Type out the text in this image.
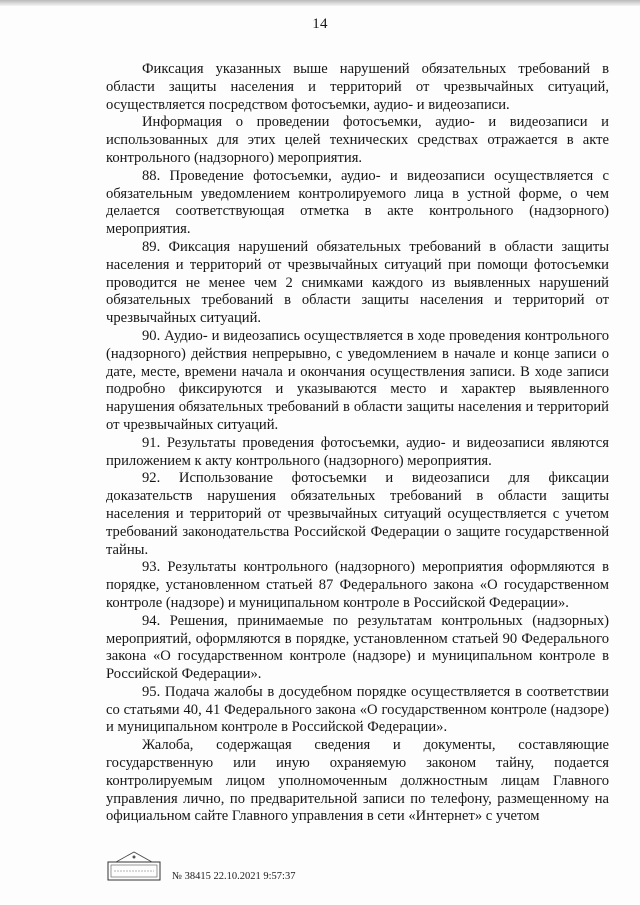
14

Фиксация указанных выше нарушений обязательных требований в области защиты населения и территорий от чрезвычайных ситуаций, осуществляется посредством фотосъемки, аудио- и видеозаписи.

Информация о проведении фотосъемки, аудио- и видеозаписи и использованных для этих целей технических средствах отражается в акте контрольного (надзорного) мероприятия.

88. Проведение фотосъемки, аудио- и видеозаписи осуществляется с обязательным уведомлением контролируемого лица в устной форме, о чем делается соответствующая отметка в акте контрольного (надзорного) мероприятия.

89. Фиксация нарушений обязательных требований в области защиты населения и территорий от чрезвычайных ситуаций при помощи фотосъемки проводится не менее чем 2 снимками каждого из выявленных нарушений обязательных требований в области защиты населения и территорий от чрезвычайных ситуаций.

90. Аудио- и видеозапись осуществляется в ходе проведения контрольного (надзорного) действия непрерывно, с уведомлением в начале и конце записи о дате, месте, времени начала и окончания осуществления записи. В ходе записи подробно фиксируются и указываются место и характер выявленного нарушения обязательных требований в области защиты населения и территорий от чрезвычайных ситуаций.

91. Результаты проведения фотосъемки, аудио- и видеозаписи являются приложением к акту контрольного (надзорного) мероприятия.

92. Использование фотосъемки и видеозаписи для фиксации доказательств нарушения обязательных требований в области защиты населения и территорий от чрезвычайных ситуаций осуществляется с учетом требований законодательства Российской Федерации о защите государственной тайны.

93. Результаты контрольного (надзорного) мероприятия оформляются в порядке, установленном статьей 87 Федерального закона «О государственном контроле (надзоре) и муниципальном контроле в Российской Федерации».

94. Решения, принимаемые по результатам контрольных (надзорных) мероприятий, оформляются в порядке, установленном статьей 90 Федерального закона «О государственном контроле (надзоре) и муниципальном контроле в Российской Федерации».

95. Подача жалобы в досудебном порядке осуществляется в соответствии со статьями 40, 41 Федерального закона «О государственном контроле (надзоре) и муниципальном контроле в Российской Федерации».

Жалоба, содержащая сведения и документы, составляющие государственную или иную охраняемую законом тайну, подается контролируемым лицом уполномоченным должностным лицам Главного управления лично, по предварительной записи по телефону, размещенному на официальном сайте Главного управления в сети «Интернет» с учетом

№ 38415 22.10.2021 9:57:37
